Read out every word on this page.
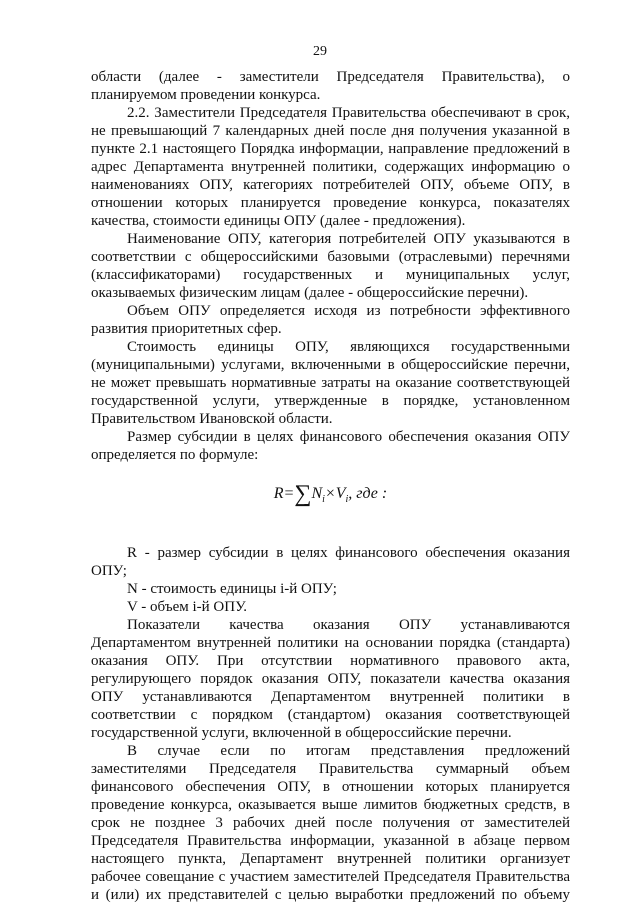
29
области (далее - заместители Председателя Правительства), о
планируемом проведении конкурса.
2.2. Заместители Председателя Правительства обеспечивают в срок,
не превышающий 7 календарных дней после дня получения указанной в
пункте 2.1 настоящего Порядка информации, направление предложений в
адрес Департамента внутренней политики, содержащих информацию о
наименованиях ОПУ, категориях потребителей ОПУ, объеме ОПУ, в
отношении которых планируется проведение конкурса, показателях
качества, стоимости единицы ОПУ (далее - предложения).
Наименование ОПУ, категория потребителей ОПУ указываются в
соответствии с общероссийскими базовыми (отраслевыми) перечнями
(классификаторами) государственных и муниципальных услуг,
оказываемых физическим лицам (далее - общероссийские перечни).
Объем ОПУ определяется исходя из потребности эффективного
развития приоритетных сфер.
Стоимость единицы ОПУ, являющихся государственными
(муниципальными) услугами, включенными в общероссийские перечни,
не может превышать нормативные затраты на оказание соответствующей
государственной услуги, утвержденные в порядке, установленном
Правительством Ивановской области.
Размер субсидии в целях финансового обеспечения оказания ОПУ
определяется по формуле:
$R=\sum N_i\times V_i$, где :
R - размер субсидии в целях финансового обеспечения оказания
ОПУ;
N - стоимость единицы i-й ОПУ;
V - объем i-й ОПУ.
Показатели качества оказания ОПУ устанавливаются
Департаментом внутренней политики на основании порядка (стандарта)
оказания ОПУ. При отсутствии нормативного правового акта,
регулирующего порядок оказания ОПУ, показатели качества оказания
ОПУ устанавливаются Департаментом внутренней политики в
соответствии с порядком (стандартом) оказания соответствующей
государственной услуги, включенной в общероссийские перечни.
В случае если по итогам представления предложений
заместителями Председателя Правительства суммарный объем
финансового обеспечения ОПУ, в отношении которых планируется
проведение конкурса, оказывается выше лимитов бюджетных средств, в
срок не позднее 3 рабочих дней после получения от заместителей
Председателя Правительства информации, указанной в абзаце первом
настоящего пункта, Департамент внутренней политики организует
рабочее совещание с участием заместителей Председателя Правительства
и (или) их представителей с целью выработки предложений по объему
